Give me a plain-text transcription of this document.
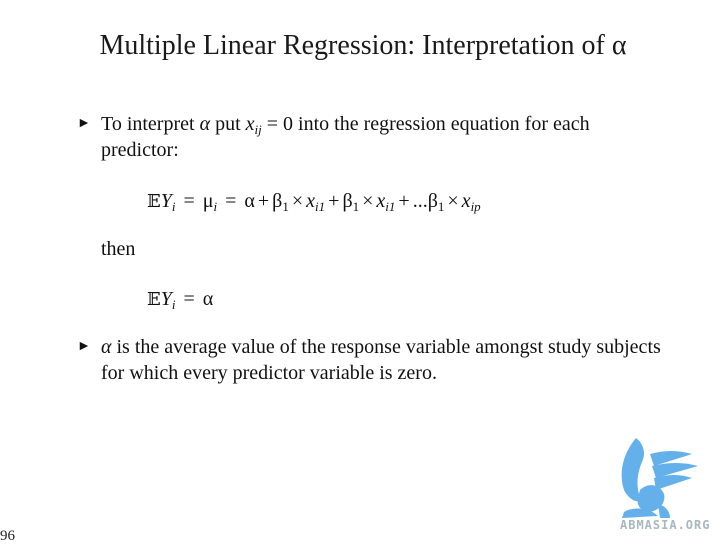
Multiple Linear Regression: Interpretation of α
► To interpret α put $x_{ij} = 0$ into the regression equation for each predictor:
𝔼Y$_i$ = $\mu_i = \alpha + \beta_1 \times x_{i1} + \beta_1 \times x_{i1} + ...\beta_1 \times x_{ip}$
then
𝔼Y$_i$ = α
► α is the average value of the response variable amongst study subjects for which every predictor variable is zero.
96
ABMASIA.ORG
